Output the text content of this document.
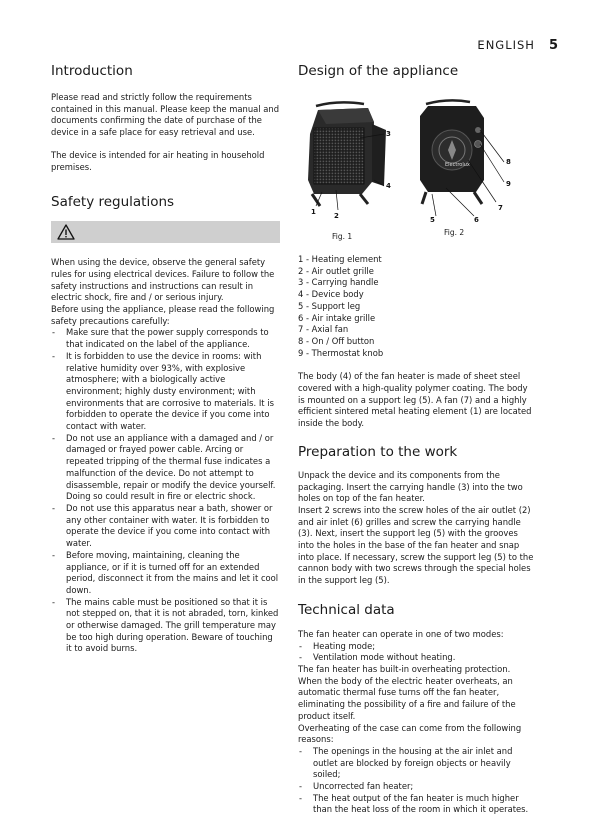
ENGLISH 5
Introduction

Please read and strictly follow the requirements contained in this manual. Please keep the manual and documents confirming the date of purchase of the device in a safe place for easy retrieval and use.

The device is intended for air heating in household premises.

Safety regulations

When using the device, observe the general safety rules for using electrical devices. Failure to follow the safety instructions and instructions can result in electric shock, fire and / or serious injury.

Before using the appliance, please read the following safety precautions carefully:

- Make sure that the power supply corresponds to that indicated on the label of the appliance.
- It is forbidden to use the device in rooms: with relative humidity over 93%, with explosive atmosphere; with a biologically active environment; highly dusty environment; with environments that are corrosive to materials. It is forbidden to operate the device if you come into contact with water.
- Do not use an appliance with a damaged and / or damaged or frayed power cable. Arcing or repeated tripping of the thermal fuse indicates a malfunction of the device. Do not attempt to disassemble, repair or modify the device yourself. Doing so could result in fire or electric shock.
- Do not use this apparatus near a bath, shower or any other container with water. It is forbidden to operate the device if you come into contact with water.
- Before moving, maintaining, cleaning the appliance, or if it is turned off for an extended period, disconnect it from the mains and let it cool down.
- The mains cable must be positioned so that it is not stepped on, that it is not abraded, torn, kinked or otherwise damaged. The grill temperature may be too high during operation. Beware of touching it to avoid burns.
Design of the appliance
Electrolux
3
4
1	2
8
9
7
6
5
Fig. 1	Fig. 2
1 - Heating element
2 - Air outlet grille
3 - Carrying handle
4 - Device body
5 - Support leg
6 - Air intake grille
7 - Axial fan
8 - On / Off button
9 - Thermostat knob

The body (4) of the fan heater is made of sheet steel covered with a high-quality polymer coating. The body is mounted on a support leg (5). A fan (7) and a highly efficient sintered metal heating element (1) are located inside the body.

Preparation to the work

Unpack the device and its components from the packaging. Insert the carrying handle (3) into the two holes on top of the fan heater.

Insert 2 screws into the screw holes of the air outlet (2) and air inlet (6) grilles and screw the carrying handle (3). Next, insert the support leg (5) with the grooves into the holes in the base of the fan heater and snap into place. If necessary, screw the support leg (5) to the cannon body with two screws through the special holes in the support leg (5).

Technical data

The fan heater can operate in one of two modes:

- Heating mode;
- Ventilation mode without heating.

The fan heater has built-in overheating protection. When the body of the electric heater overheats, an automatic thermal fuse turns off the fan heater, eliminating the possibility of a fire and failure of the product itself.

Overheating of the case can come from the following reasons:

- The openings in the housing at the air inlet and outlet are blocked by foreign objects or heavily soiled;
- Uncorrected fan heater;
- The heat output of the fan heater is much higher than the heat loss of the room in which it operates.
